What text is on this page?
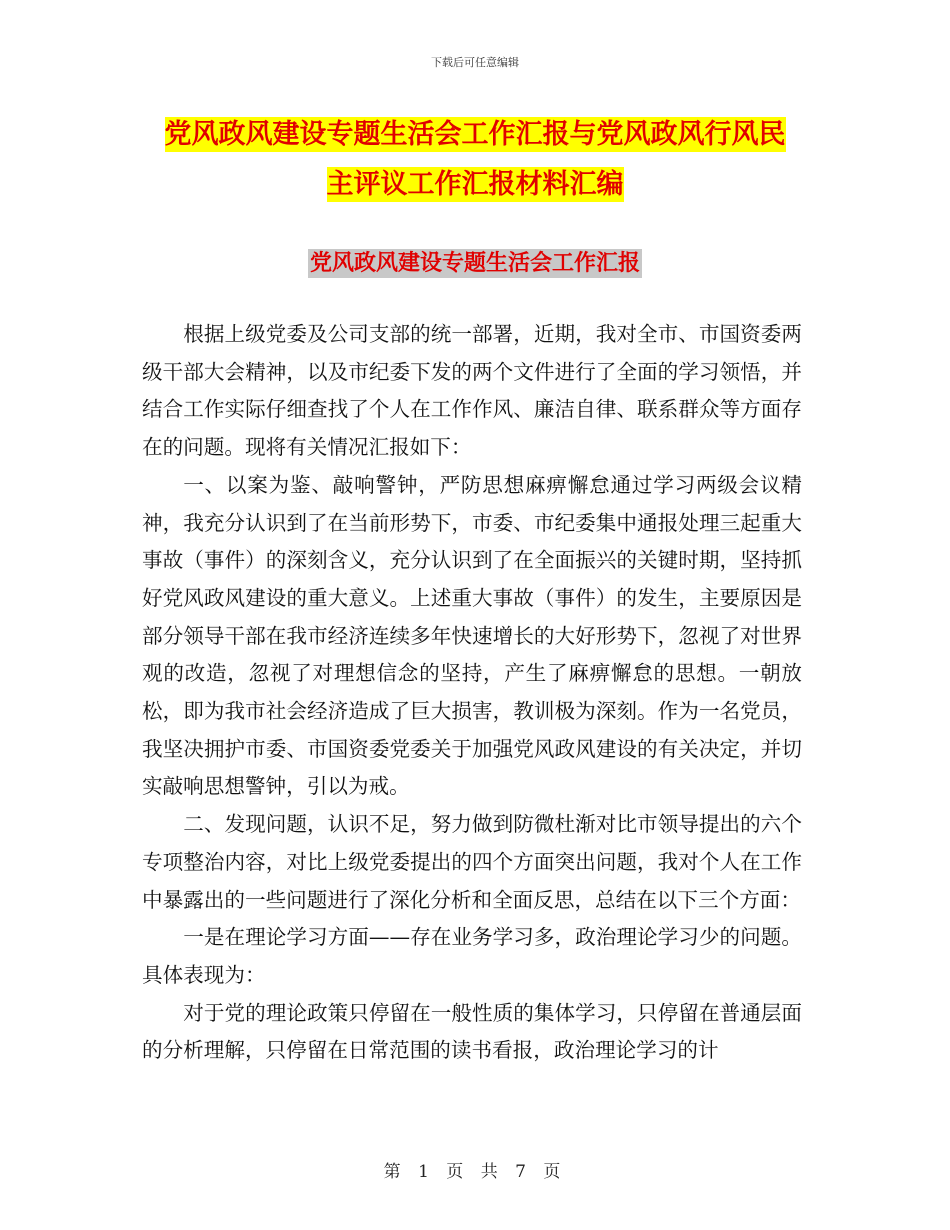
下载后可任意编辑
党风政风建设专题生活会工作汇报与党风政风行风民
主评议工作汇报材料汇编
党风政风建设专题生活会工作汇报

根据上级党委及公司支部的统一部署，近期，我对全市、市国资委两级干部大会精神，以及市纪委下发的两个文件进行了全面的学习领悟，并结合工作实际仔细查找了个人在工作作风、廉洁自律、联系群众等方面存在的问题。现将有关情况汇报如下：

一、以案为鉴、敲响警钟，严防思想麻痹懈怠通过学习两级会议精神，我充分认识到了在当前形势下，市委、市纪委集中通报处理三起重大事故（事件）的深刻含义，充分认识到了在全面振兴的关键时期，坚持抓好党风政风建设的重大意义。上述重大事故（事件）的发生，主要原因是部分领导干部在我市经济连续多年快速增长的大好形势下，忽视了对世界观的改造，忽视了对理想信念的坚持，产生了麻痹懈怠的思想。一朝放松，即为我市社会经济造成了巨大损害，教训极为深刻。作为一名党员，我坚决拥护市委、市国资委党委关于加强党风政风建设的有关决定，并切实敲响思想警钟，引以为戒。

二、发现问题，认识不足，努力做到防微杜渐对比市领导提出的六个专项整治内容，对比上级党委提出的四个方面突出问题，我对个人在工作中暴露出的一些问题进行了深化分析和全面反思，总结在以下三个方面：

一是在理论学习方面——存在业务学习多，政治理论学习少的问题。具体表现为：

对于党的理论政策只停留在一般性质的集体学习，只停留在普通层面的分析理解，只停留在日常范围的读书看报，政治理论学习的计

第 1 页 共 7 页
